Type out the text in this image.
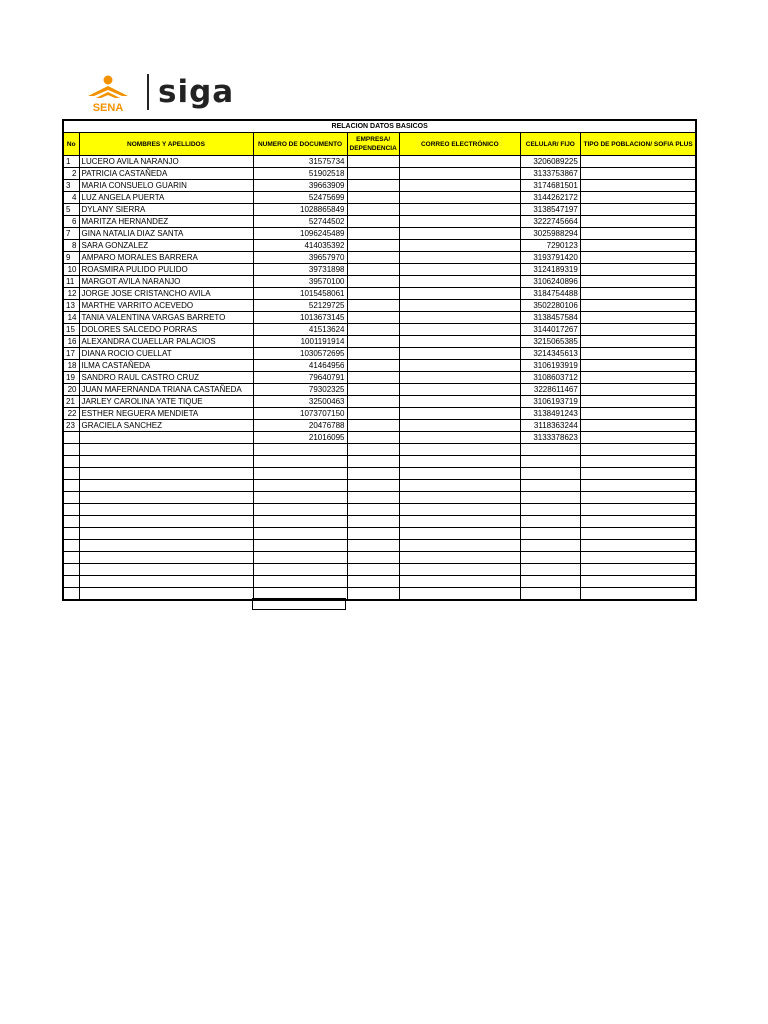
SENA siga
RELACION DATOS BASICOS						
No	NOMBRES Y APELLIDOS	NUMERO DE DOCUMENTO	EMPRESA/ DEPENDENCIA	CORREO ELECTRÓNICO	CELULAR/ FIJO	TIPO DE POBLACION/ SOFIA PLUS
1	LUCERO AVILA NARANJO	31575734			3206089225	
2	PATRICIA CASTAÑEDA	51902518			3133753867	
3	MARIA CONSUELO GUARIN	39663909			3174681501	
4	LUZ ANGELA PUERTA	52475699			3144262172	
5	DYLANY SIERRA	1028865849			3138547197	
6	MARITZA HERNANDEZ	52744502			3222745664	
7	GINA NATALIA DIAZ SANTA	1096245489			3025988294	
8	SARA GONZALEZ	414035392			7290123	
9	AMPARO MORALES BARRERA	39657970			3193791420	
10	ROASMIRA PULIDO PULIDO	39731898			3124189319	
11	MARGOT AVILA NARANJO	39570100			3106240896	
12	JORGE JOSE CRISTANCHO AVILA	1015458061			3184754488	
13	MARTHE VARRITO ACEVEDO	52129725			3502280106	
14	TANIA VALENTINA VARGAS BARRETO	1013673145			3138457584	
15	DOLORES SALCEDO PORRAS	41513624			3144017267	
16	ALEXANDRA CUAELLAR PALACIOS	1001191914			3215065385	
17	DIANA ROCIO CUELLAT	1030572695			3214345613	
18	ILMA CASTAÑEDA	41464956			3106193919	
19	SANDRO RAUL CASTRO CRUZ	79640791			3108603712	
20	JUAN MAFERNANDA TRIANA CASTAÑEDA	79302325			3228611467	
21	JARLEY CAROLINA YATE TIQUE	32500463			3106193719	
22	ESTHER NEGUERA MENDIETA	1073707150			3138491243	
23	GRACIELA SANCHEZ	20476788			3118363244	
		21016095			3133378623	
